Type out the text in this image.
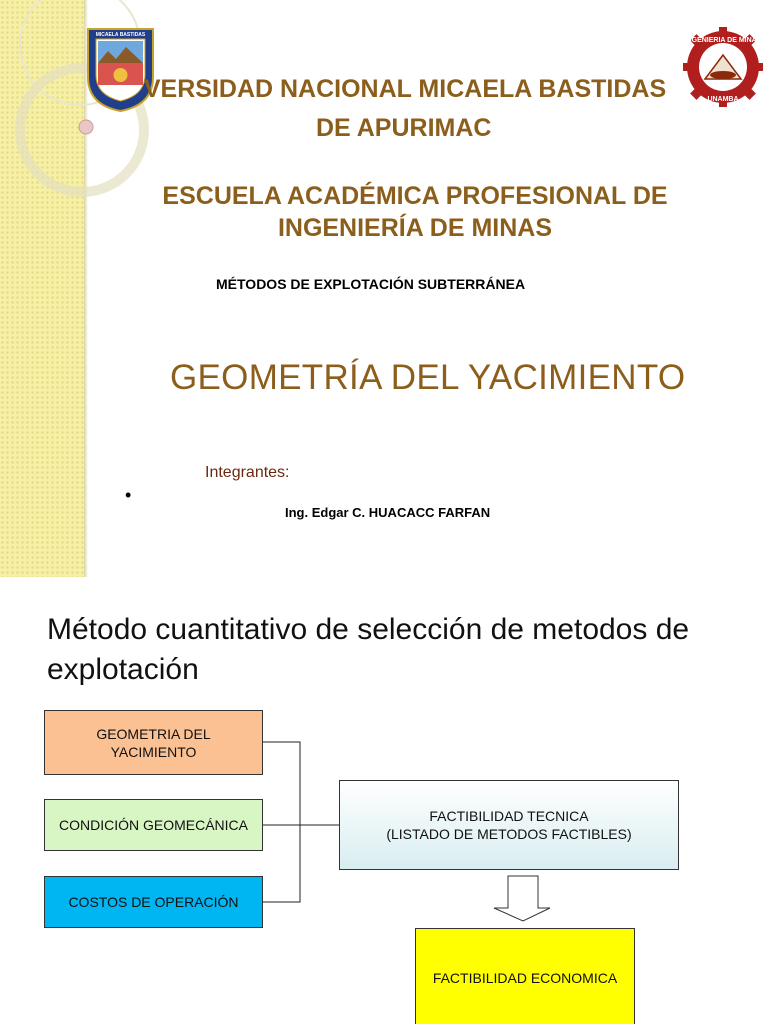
MICAELA BASTIDAS
INGENIERIA DE MINAS
UNAMBA
VERSIDAD NACIONAL MICAELA BASTIDAS
DE APURIMAC
ESCUELA ACADÉMICA PROFESIONAL DE INGENIERÍA DE MINAS
MÉTODOS DE EXPLOTACIÓN SUBTERRÁNEA
GEOMETRÍA DEL YACIMIENTO
Integrantes:
•
Ing. Edgar C. HUACACC FARFAN
Método cuantitativo de selección de metodos de explotación
GEOMETRIA DEL YACIMIENTO
CONDICIÓN GEOMECÁNICA
COSTOS DE OPERACIÓN
FACTIBILIDAD TECNICA
(LISTADO DE METODOS FACTIBLES)
FACTIBILIDAD ECONOMICA
